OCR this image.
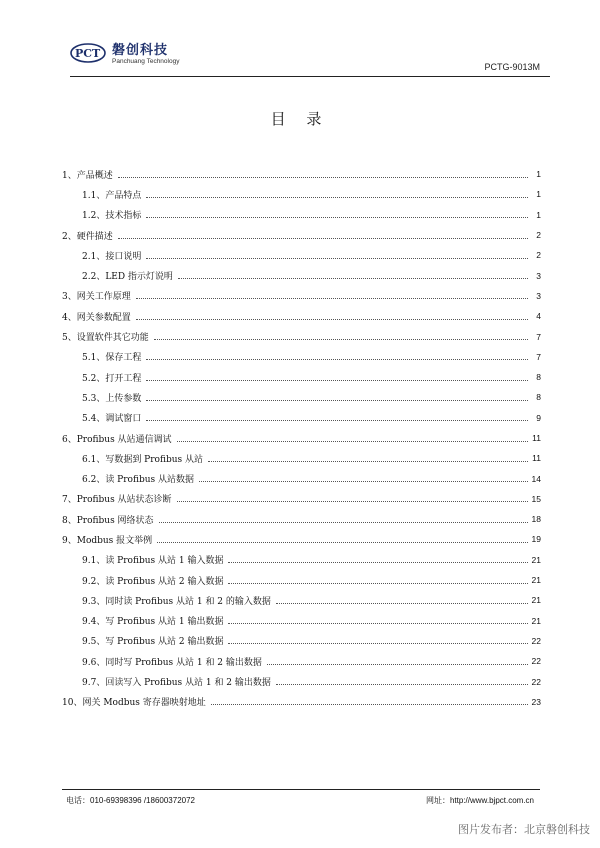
PCT 磐创科技
Panchuang Technology
PCTG-9013M
目 录
1、产品概述	1
1.1、产品特点	1
1.2、技术指标	1
2、硬件描述	2
2.1、接口说明	2
2.2、LED 指示灯说明	3
3、网关工作原理	3
4、网关参数配置	4
5、设置软件其它功能	7
5.1、保存工程	7
5.2、打开工程	8
5.3、上传参数	8
5.4、调试窗口	9
6、Profibus 从站通信调试	11
6.1、写数据到 Profibus 从站	11
6.2、读 Profibus 从站数据	14
7、Profibus 从站状态诊断	15
8、Profibus 网络状态	18
9、Modbus 报文举例	19
9.1、读 Profibus 从站 1 输入数据	21
9.2、读 Profibus 从站 2 输入数据	21
9.3、同时读 Profibus 从站 1 和 2 的输入数据	21
9.4、写 Profibus 从站 1 输出数据	21
9.5、写 Profibus 从站 2 输出数据	22
9.6、同时写 Profibus 从站 1 和 2 输出数据	22
9.7、回读写入 Profibus 从站 1 和 2 输出数据	22
10、网关 Modbus 寄存器映射地址	23
电话：010-69398396 /18600372072	网址：http://www.bjpct.com.cn
图片发布者：北京磐创科技
